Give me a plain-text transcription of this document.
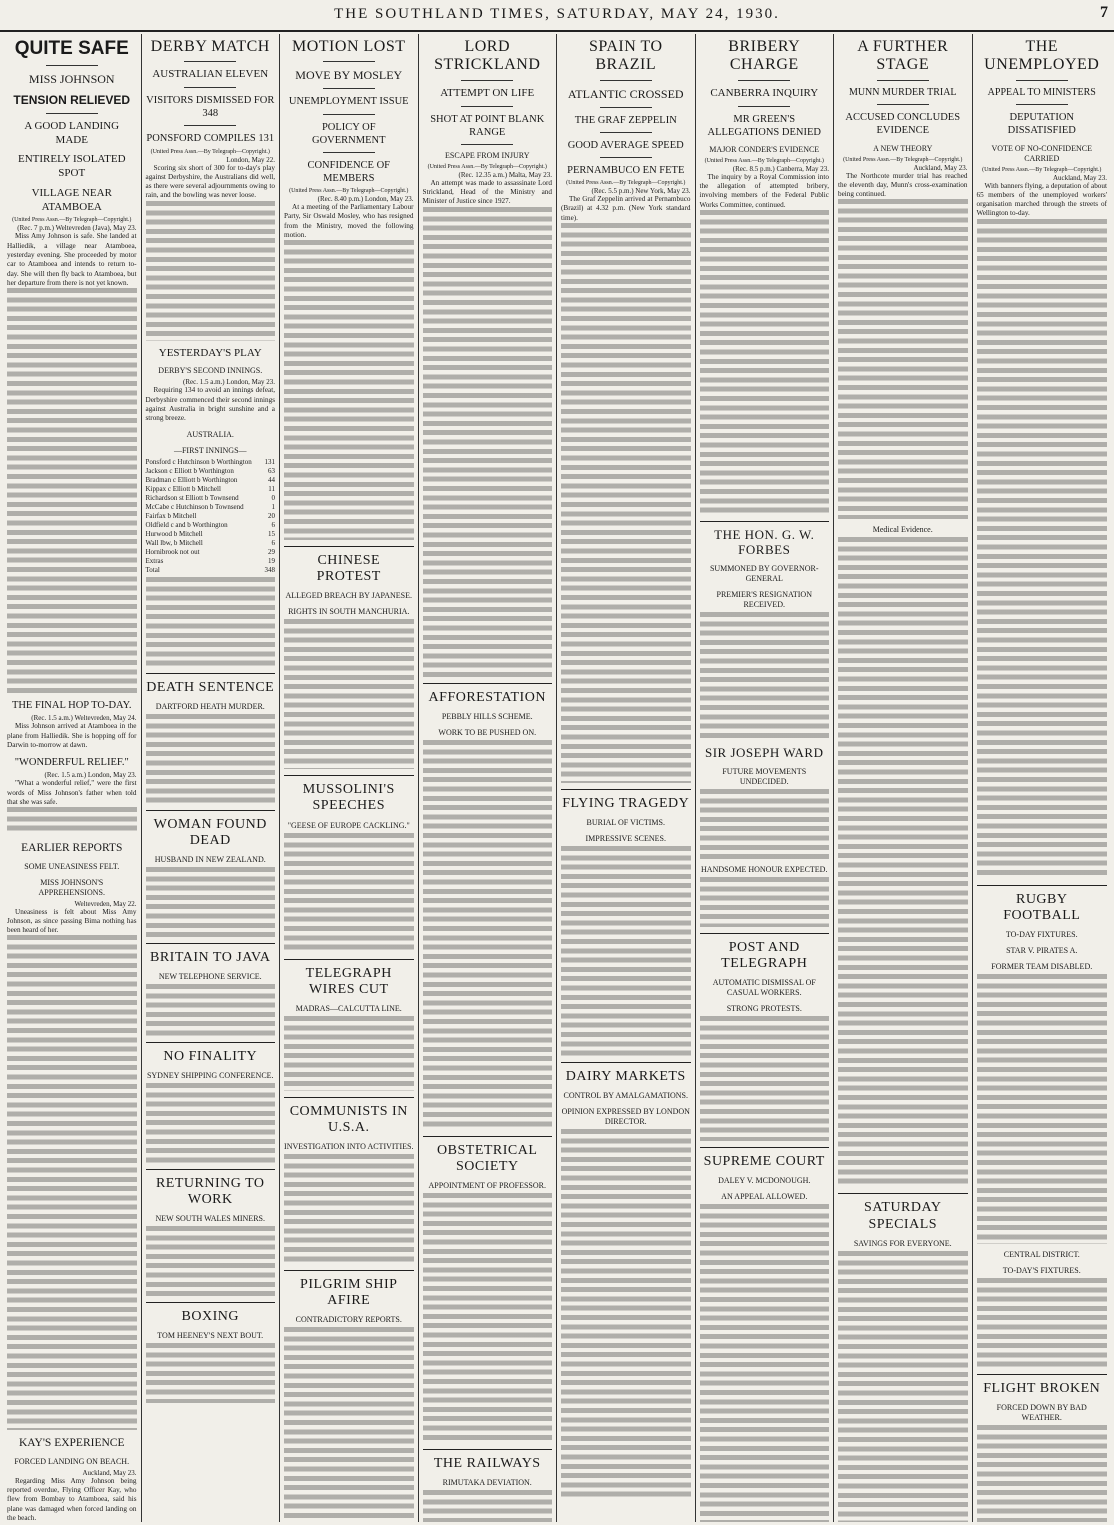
THE SOUTHLAND TIMES, SATURDAY, MAY 24, 1930.	7
QUITE SAFE
MISS JOHNSON
TENSION RELIEVED
A GOOD LANDING MADE
ENTIRELY ISOLATED SPOT
VILLAGE NEAR ATAMBOEA
(United Press Assn.—By Telegraph—Copyright.)
(Rec. 7 p.m.) Weltevreden (Java), May 23.

Miss Amy Johnson is safe. She landed at Halliedik, a village near Atamboea, yesterday evening. She proceeded by motor car to Atamboea and intends to return to-day. She will then fly back to Atamboea, but her departure from there is not yet known.

THE FINAL HOP TO-DAY.
(Rec. 1.5 a.m.) Weltevreden, May 24.

Miss Johnson arrived at Atamboea in the plane from Halliedik. She is hopping off for Darwin to-morrow at dawn.

"WONDERFUL RELIEF."
(Rec. 1.5 a.m.) London, May 23.

"What a wonderful relief," were the first words of Miss Johnson's father when told that she was safe.

EARLIER REPORTS
SOME UNEASINESS FELT.
MISS JOHNSON'S APPREHENSIONS.
Weltevreden, May 22.

Uneasiness is felt about Miss Amy Johnson, as since passing Bima nothing has been heard of her.

KAY'S EXPERIENCE
FORCED LANDING ON BEACH.
Auckland, May 23.

Regarding Miss Amy Johnson being reported overdue, Flying Officer Kay, who flew from Bombay to Atamboea, said his plane was damaged when forced landing on the beach.

DERBY MATCH
AUSTRALIAN ELEVEN
VISITORS DISMISSED FOR 348
PONSFORD COMPILES 131
(United Press Assn.—By Telegraph—Copyright.)
London, May 22.

Scoring six short of 300 for to-day's play against Derbyshire, the Australians did well, as there were several adjournments owing to rain, and the bowling was never loose.

YESTERDAY'S PLAY
DERBY'S SECOND INNINGS.
(Rec. 1.5 a.m.) London, May 23.

Requiring 134 to avoid an innings defeat, Derbyshire commenced their second innings against Australia in bright sunshine and a strong breeze.

AUSTRALIA.
—FIRST INNINGS—
Ponsford c Hutchinson b Worthington 131
Jackson c Elliott b Worthington	63
Bradman c Elliott b Worthington	44
Kippax c Elliott b Mitchell	11
Richardson st Elliott b Townsend	0
McCabe c Hutchinson b Townsend	1
Fairfax b Mitchell	20
Oldfield c and b Worthington	6
Hurwood b Mitchell	15
Wall lbw, b Mitchell	6
Hornibrook not out	29
Extras	19
Total	348
DEATH SENTENCE
DARTFORD HEATH MURDER.
WOMAN FOUND DEAD
HUSBAND IN NEW ZEALAND.
BRITAIN TO JAVA
NEW TELEPHONE SERVICE.
NO FINALITY
SYDNEY SHIPPING CONFERENCE.
RETURNING TO WORK
NEW SOUTH WALES MINERS.
BOXING
TOM HEENEY'S NEXT BOUT.
MOTION LOST
MOVE BY MOSLEY
UNEMPLOYMENT ISSUE
POLICY OF GOVERNMENT
CONFIDENCE OF MEMBERS
(United Press Assn.—By Telegraph—Copyright.)
(Rec. 8.40 p.m.) London, May 23.

At a meeting of the Parliamentary Labour Party, Sir Oswald Mosley, who has resigned from the Ministry, moved the following motion.

CHINESE PROTEST
ALLEGED BREACH BY JAPANESE.
RIGHTS IN SOUTH MANCHURIA.
MUSSOLINI'S SPEECHES
"GEESE OF EUROPE CACKLING."
TELEGRAPH WIRES CUT
MADRAS—CALCUTTA LINE.
COMMUNISTS IN U.S.A.
INVESTIGATION INTO ACTIVITIES.
PILGRIM SHIP AFIRE
CONTRADICTORY REPORTS.
LORD STRICKLAND
ATTEMPT ON LIFE
SHOT AT POINT BLANK RANGE
ESCAPE FROM INJURY
(United Press Assn.—By Telegraph—Copyright.)
(Rec. 12.35 a.m.) Malta, May 23.

An attempt was made to assassinate Lord Strickland, Head of the Ministry and Minister of Justice since 1927.

AFFORESTATION
PEBBLY HILLS SCHEME.
WORK TO BE PUSHED ON.
OBSTETRICAL SOCIETY
APPOINTMENT OF PROFESSOR.
THE RAILWAYS
RIMUTAKA DEVIATION.
SPAIN TO BRAZIL
ATLANTIC CROSSED
THE GRAF ZEPPELIN
GOOD AVERAGE SPEED
PERNAMBUCO EN FETE
(United Press Assn.—By Telegraph—Copyright.)
(Rec. 5.5 p.m.) New York, May 23.

The Graf Zeppelin arrived at Pernambuco (Brazil) at 4.32 p.m. (New York standard time).

FLYING TRAGEDY
BURIAL OF VICTIMS.
IMPRESSIVE SCENES.
DAIRY MARKETS
CONTROL BY AMALGAMATIONS.
OPINION EXPRESSED BY LONDON DIRECTOR.
BRIBERY CHARGE
CANBERRA INQUIRY
MR GREEN'S ALLEGATIONS DENIED
MAJOR CONDER'S EVIDENCE
(United Press Assn.—By Telegraph—Copyright.)
(Rec. 8.5 p.m.) Canberra, May 23.

The inquiry by a Royal Commission into the allegation of attempted bribery, involving members of the Federal Public Works Committee, continued.

THE HON. G. W. FORBES
SUMMONED BY GOVERNOR-GENERAL
PREMIER'S RESIGNATION RECEIVED.
SIR JOSEPH WARD
FUTURE MOVEMENTS UNDECIDED.
HANDSOME HONOUR EXPECTED.
POST AND TELEGRAPH
AUTOMATIC DISMISSAL OF CASUAL WORKERS.
STRONG PROTESTS.
SUPREME COURT
DALEY V. MCDONOUGH.
AN APPEAL ALLOWED.
A FURTHER STAGE
MUNN MURDER TRIAL
ACCUSED CONCLUDES EVIDENCE
A NEW THEORY
(United Press Assn.—By Telegraph—Copyright.)
Auckland, May 23.

The Northcote murder trial has reached the eleventh day, Munn's cross-examination being continued.

Medical Evidence.
SATURDAY SPECIALS
SAVINGS FOR EVERYONE.
THE UNEMPLOYED
APPEAL TO MINISTERS
DEPUTATION DISSATISFIED
VOTE OF NO-CONFIDENCE CARRIED
(United Press Assn.—By Telegraph—Copyright.)
Auckland, May 23.

With banners flying, a deputation of about 65 members of the unemployed workers' organisation marched through the streets of Wellington to-day.

RUGBY FOOTBALL
TO-DAY FIXTURES.
STAR V. PIRATES A.
FORMER TEAM DISABLED.
CENTRAL DISTRICT.
TO-DAY'S FIXTURES.
FLIGHT BROKEN
FORCED DOWN BY BAD WEATHER.
